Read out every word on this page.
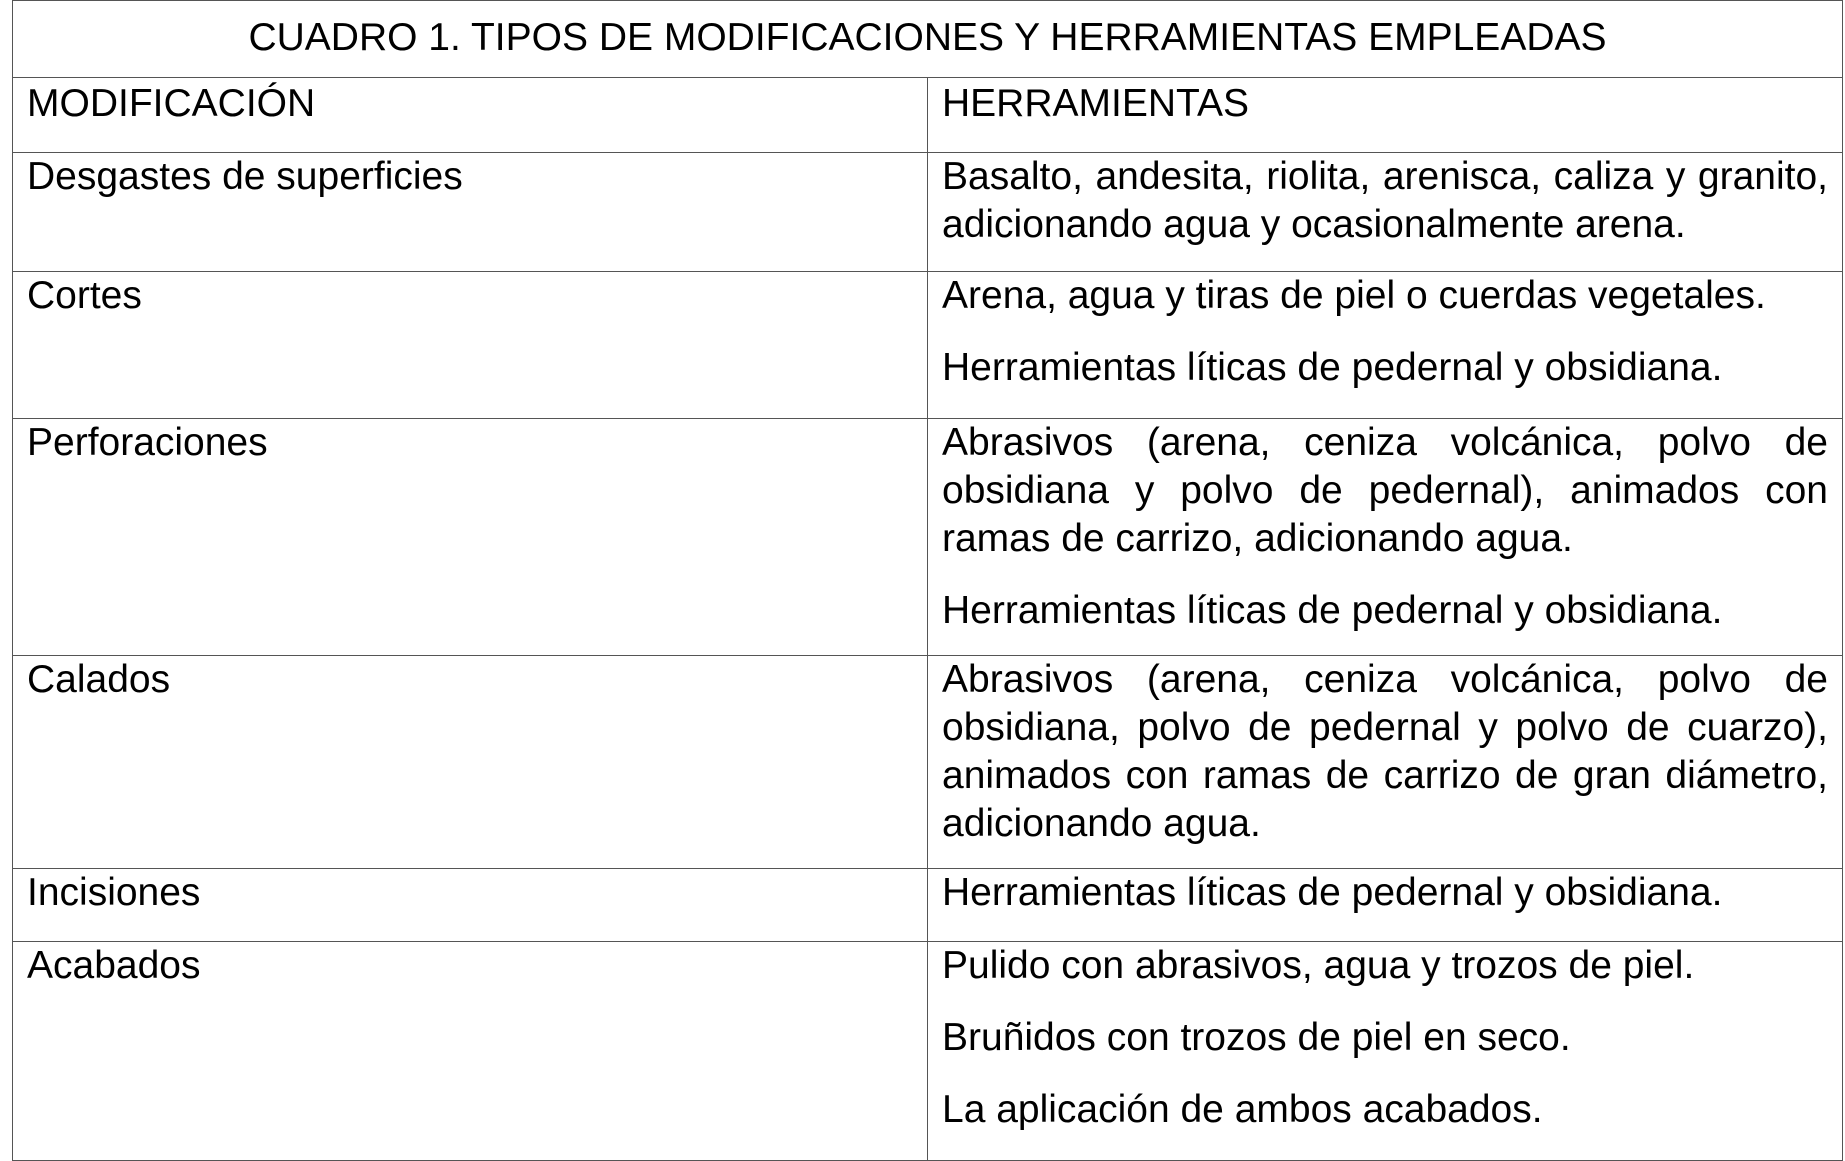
CUADRO 1. TIPOS DE MODIFICACIONES Y HERRAMIENTAS EMPLEADAS	
MODIFICACIÓN	HERRAMIENTAS
Desgastes de superficies	Basalto, andesita, riolita, arenisca, caliza y granito, adicionando agua y ocasionalmente arena.

Cortes	Arena, agua y tiras de piel o cuerdas vegetales.

Herramientas líticas de pedernal y obsidiana.

Perforaciones	Abrasivos (arena, ceniza volcánica, polvo de obsidiana y polvo de pedernal), animados con ramas de carrizo, adicionando agua.

Herramientas líticas de pedernal y obsidiana.

Calados	Abrasivos (arena, ceniza volcánica, polvo de obsidiana, polvo de pedernal y polvo de cuarzo), animados con ramas de carrizo de gran diámetro, adicionando agua.

Incisiones	Herramientas líticas de pedernal y obsidiana.

Acabados	Pulido con abrasivos, agua y trozos de piel.

Bruñidos con trozos de piel en seco.

La aplicación de ambos acabados.
